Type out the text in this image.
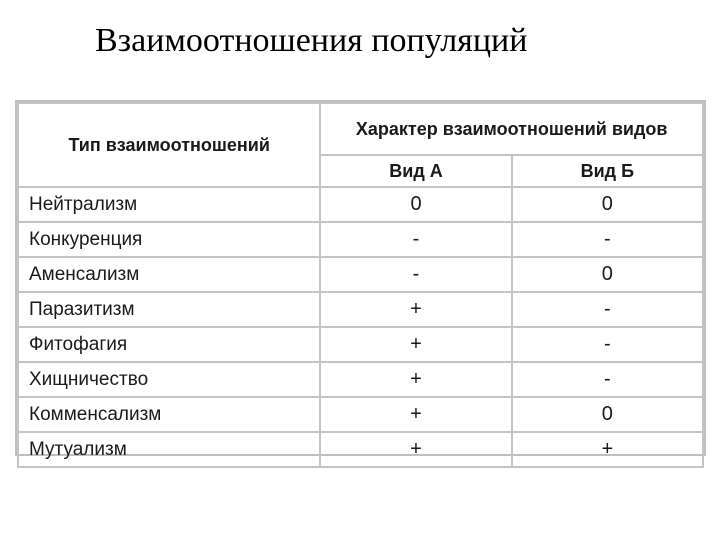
Взаимоотношения популяций
Тип взаимоотношений	Характер взаимоотношений видов	
	Вид А	Вид Б
Нейтрализм	0	0
Конкуренция	-	-
Аменсализм	-	0
Паразитизм	+	-
Фитофагия	+	-
Хищничество	+	-
Комменсализм	+	0
Мутуализм	+	+
